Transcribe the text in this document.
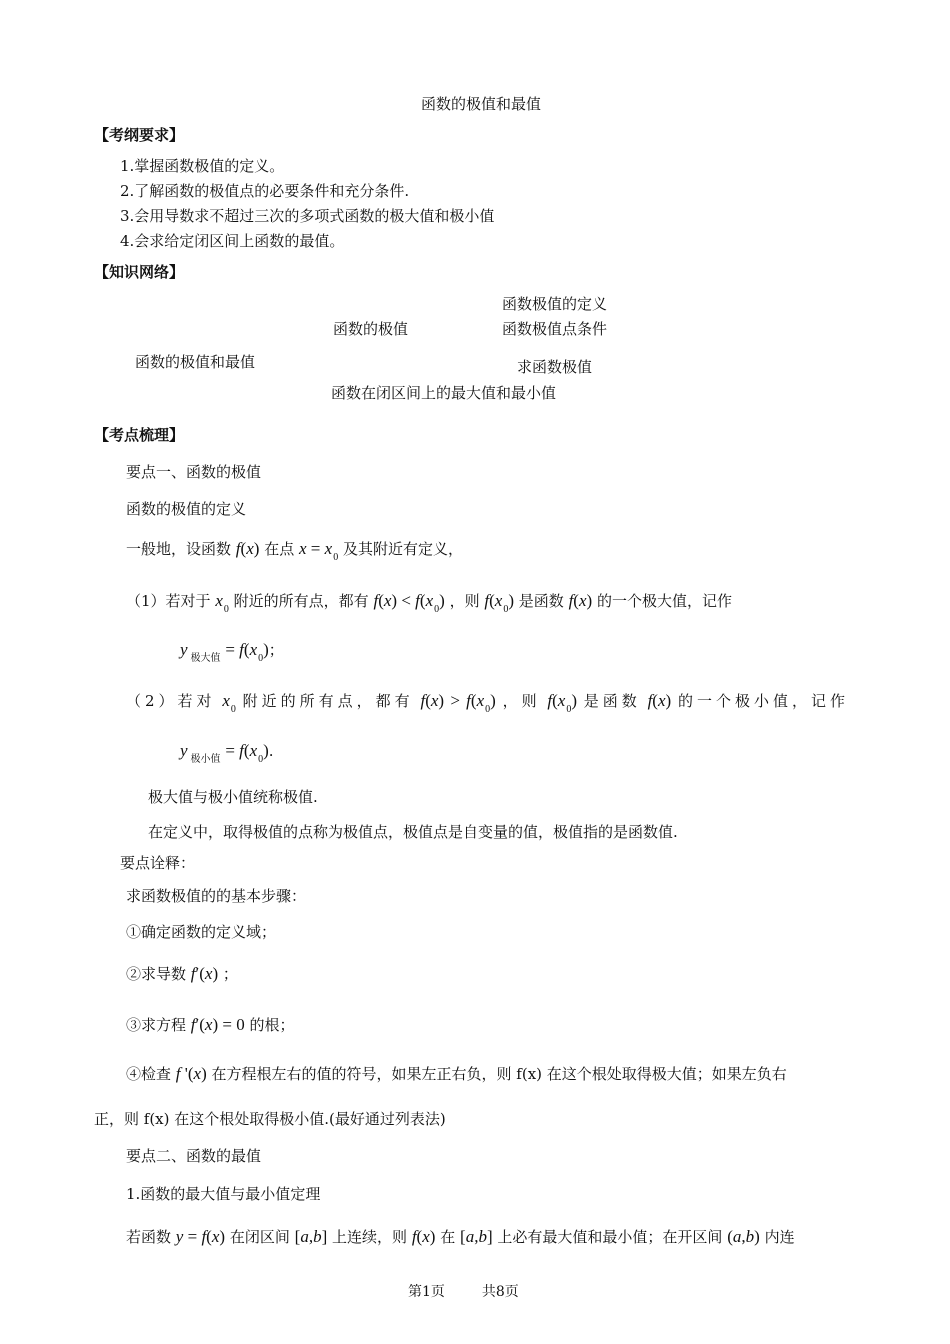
函数的极值和最值
【考纲要求】
1.掌握函数极值的定义。
2.了解函数的极值点的必要条件和充分条件.
3.会用导数求不超过三次的多项式函数的极大值和极小值
4.会求给定闭区间上函数的最值。
【知识网络】
函数极值的定义
函数的极值	函数极值点条件
函数的极值和最值	求函数极值
函数在闭区间上的最大值和最小值
【考点梳理】
要点一、函数的极值
函数的极值的定义
一般地，设函数 f(x) 在点 $x = x_0$ 及其附近有定义，
（1）若对于 $x_0$ 附近的所有点，都有 $f(x) < f(x_0)$ ，则 $f(x_0)$ 是函数 f(x) 的一个极大值，记作
y $_{极大值} = f(x_0)$；
（2）若对 $x_0$ 附近的所有点，都有 $f(x) > f(x_0)$ ，则 $f(x_0)$ 是函数 f(x) 的一个极小值，记作
y $_{极小值} = f(x_0)$.
极大值与极小值统称极值.
在定义中，取得极值的点称为极值点，极值点是自变量的值，极值指的是函数值.
要点诠释：
求函数极值的的基本步骤：
①确定函数的定义域；
②求导数 f′(x) ；
③求方程 f′(x) = 0 的根；
④检查 f '(x) 在方程根左右的值的符号，如果左正右负，则 f(x) 在这个根处取得极大值；如果左负右
正，则 f(x) 在这个根处取得极小值.(最好通过列表法)
要点二、函数的最值
1.函数的最大值与最小值定理
若函数 y = f(x) 在闭区间 [a,b] 上连续，则 f(x) 在 [a,b] 上必有最大值和最小值；在开区间 (a,b) 内连
第1页	共8页
